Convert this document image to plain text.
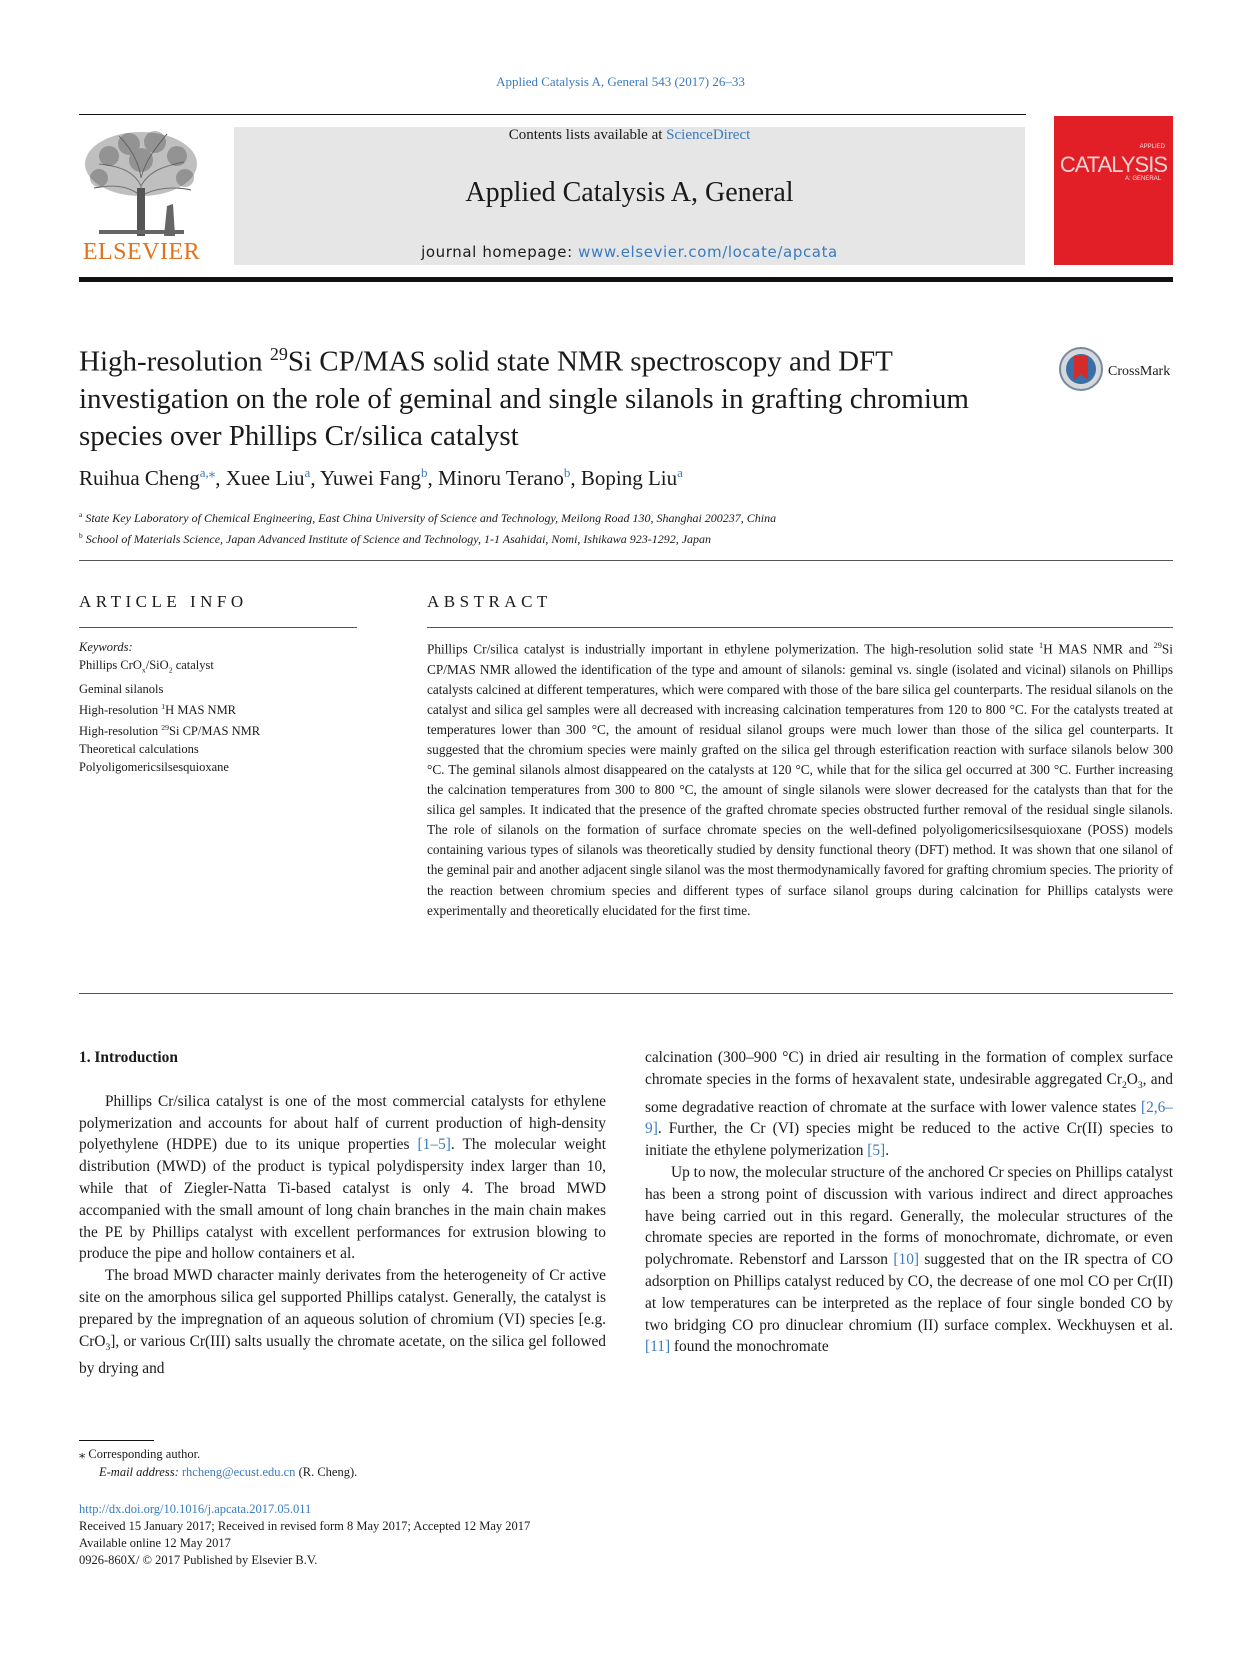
Applied Catalysis A, General 543 (2017) 26–33
ELSEVIER
Contents lists available at ScienceDirect
Applied Catalysis A, General
journal homepage: www.elsevier.com/locate/apcata
APPLIED
CATALYSIS
A: GENERAL
High-resolution $^{29}$Si CP/MAS solid state NMR spectroscopy and DFT investigation on the role of geminal and single silanols in grafting chromium species over Phillips Cr/silica catalyst
CrossMark
Ruihua Cheng$^{a,⁎}$, Xuee Liu$^a$, Yuwei Fang$^b$, Minoru Terano$^b$, Boping Liu$^a$
$^a$ State Key Laboratory of Chemical Engineering, East China University of Science and Technology, Meilong Road 130, Shanghai 200237, China
$^b$ School of Materials Science, Japan Advanced Institute of Science and Technology, 1-1 Asahidai, Nomi, Ishikawa 923-1292, Japan
ARTICLE INFO
Keywords:
Phillips CrO$_x$/SiO$_2$ catalyst
Geminal silanols
High-resolution $^1$H MAS NMR
High-resolution $^{29}$Si CP/MAS NMR
Theoretical calculations
Polyoligomericsilsesquioxane
ABSTRACT
Phillips Cr/silica catalyst is industrially important in ethylene polymerization. The high-resolution solid state $^1$H MAS NMR and $^{29}$Si CP/MAS NMR allowed the identification of the type and amount of silanols: geminal vs. single (isolated and vicinal) silanols on Phillips catalysts calcined at different temperatures, which were compared with those of the bare silica gel counterparts. The residual silanols on the catalyst and silica gel samples were all decreased with increasing calcination temperatures from 120 to 800 °C. For the catalysts treated at temperatures lower than 300 °C, the amount of residual silanol groups were much lower than those of the silica gel counterparts. It suggested that the chromium species were mainly grafted on the silica gel through esterification reaction with surface silanols below 300 °C. The geminal silanols almost disappeared on the catalysts at 120 °C, while that for the silica gel occurred at 300 °C. Further increasing the calcination temperatures from 300 to 800 °C, the amount of single silanols were slower decreased for the catalysts than that for the silica gel samples. It indicated that the presence of the grafted chromate species obstructed further removal of the residual single silanols. The role of silanols on the formation of surface chromate species on the well-defined polyoligomericsilsesquioxane (POSS) models containing various types of silanols was theoretically studied by density functional theory (DFT) method. It was shown that one silanol of the geminal pair and another adjacent single silanol was the most thermodynamically favored for grafting chromium species. The priority of the reaction between chromium species and different types of surface silanol groups during calcination for Phillips catalysts were experimentally and theoretically elucidated for the first time.
1. Introduction

Phillips Cr/silica catalyst is one of the most commercial catalysts for ethylene polymerization and accounts for about half of current production of high-density polyethylene (HDPE) due to its unique properties [1–5]. The molecular weight distribution (MWD) of the product is typical polydispersity index larger than 10, while that of Ziegler-Natta Ti-based catalyst is only 4. The broad MWD accompanied with the small amount of long chain branches in the main chain makes the PE by Phillips catalyst with excellent performances for extrusion blowing to produce the pipe and hollow containers et al.

The broad MWD character mainly derivates from the heterogeneity of Cr active site on the amorphous silica gel supported Phillips catalyst. Generally, the catalyst is prepared by the impregnation of an aqueous solution of chromium (VI) species [e.g. CrO$_3$], or various Cr(III) salts usually the chromate acetate, on the silica gel followed by drying and

calcination (300–900 °C) in dried air resulting in the formation of complex surface chromate species in the forms of hexavalent state, undesirable aggregated $Cr_2O_3$, and some degradative reaction of chromate at the surface with lower valence states [2,6–9]. Further, the Cr (VI) species might be reduced to the active Cr(II) species to initiate the ethylene polymerization [5].

Up to now, the molecular structure of the anchored Cr species on Phillips catalyst has been a strong point of discussion with various indirect and direct approaches have being carried out in this regard. Generally, the molecular structures of the chromate species are reported in the forms of monochromate, dichromate, or even polychromate. Rebenstorf and Larsson [10] suggested that on the IR spectra of CO adsorption on Phillips catalyst reduced by CO, the decrease of one mol CO per Cr(II) at low temperatures can be interpreted as the replace of four single bonded CO by two bridging CO pro dinuclear chromium (II) surface complex. Weckhuysen et al. [11] found the monochromate

⁎ Corresponding author.
E-mail address: rhcheng@ecust.edu.cn (R. Cheng).
http://dx.doi.org/10.1016/j.apcata.2017.05.011
Received 15 January 2017; Received in revised form 8 May 2017; Accepted 12 May 2017
Available online 12 May 2017
0926-860X/ © 2017 Published by Elsevier B.V.
